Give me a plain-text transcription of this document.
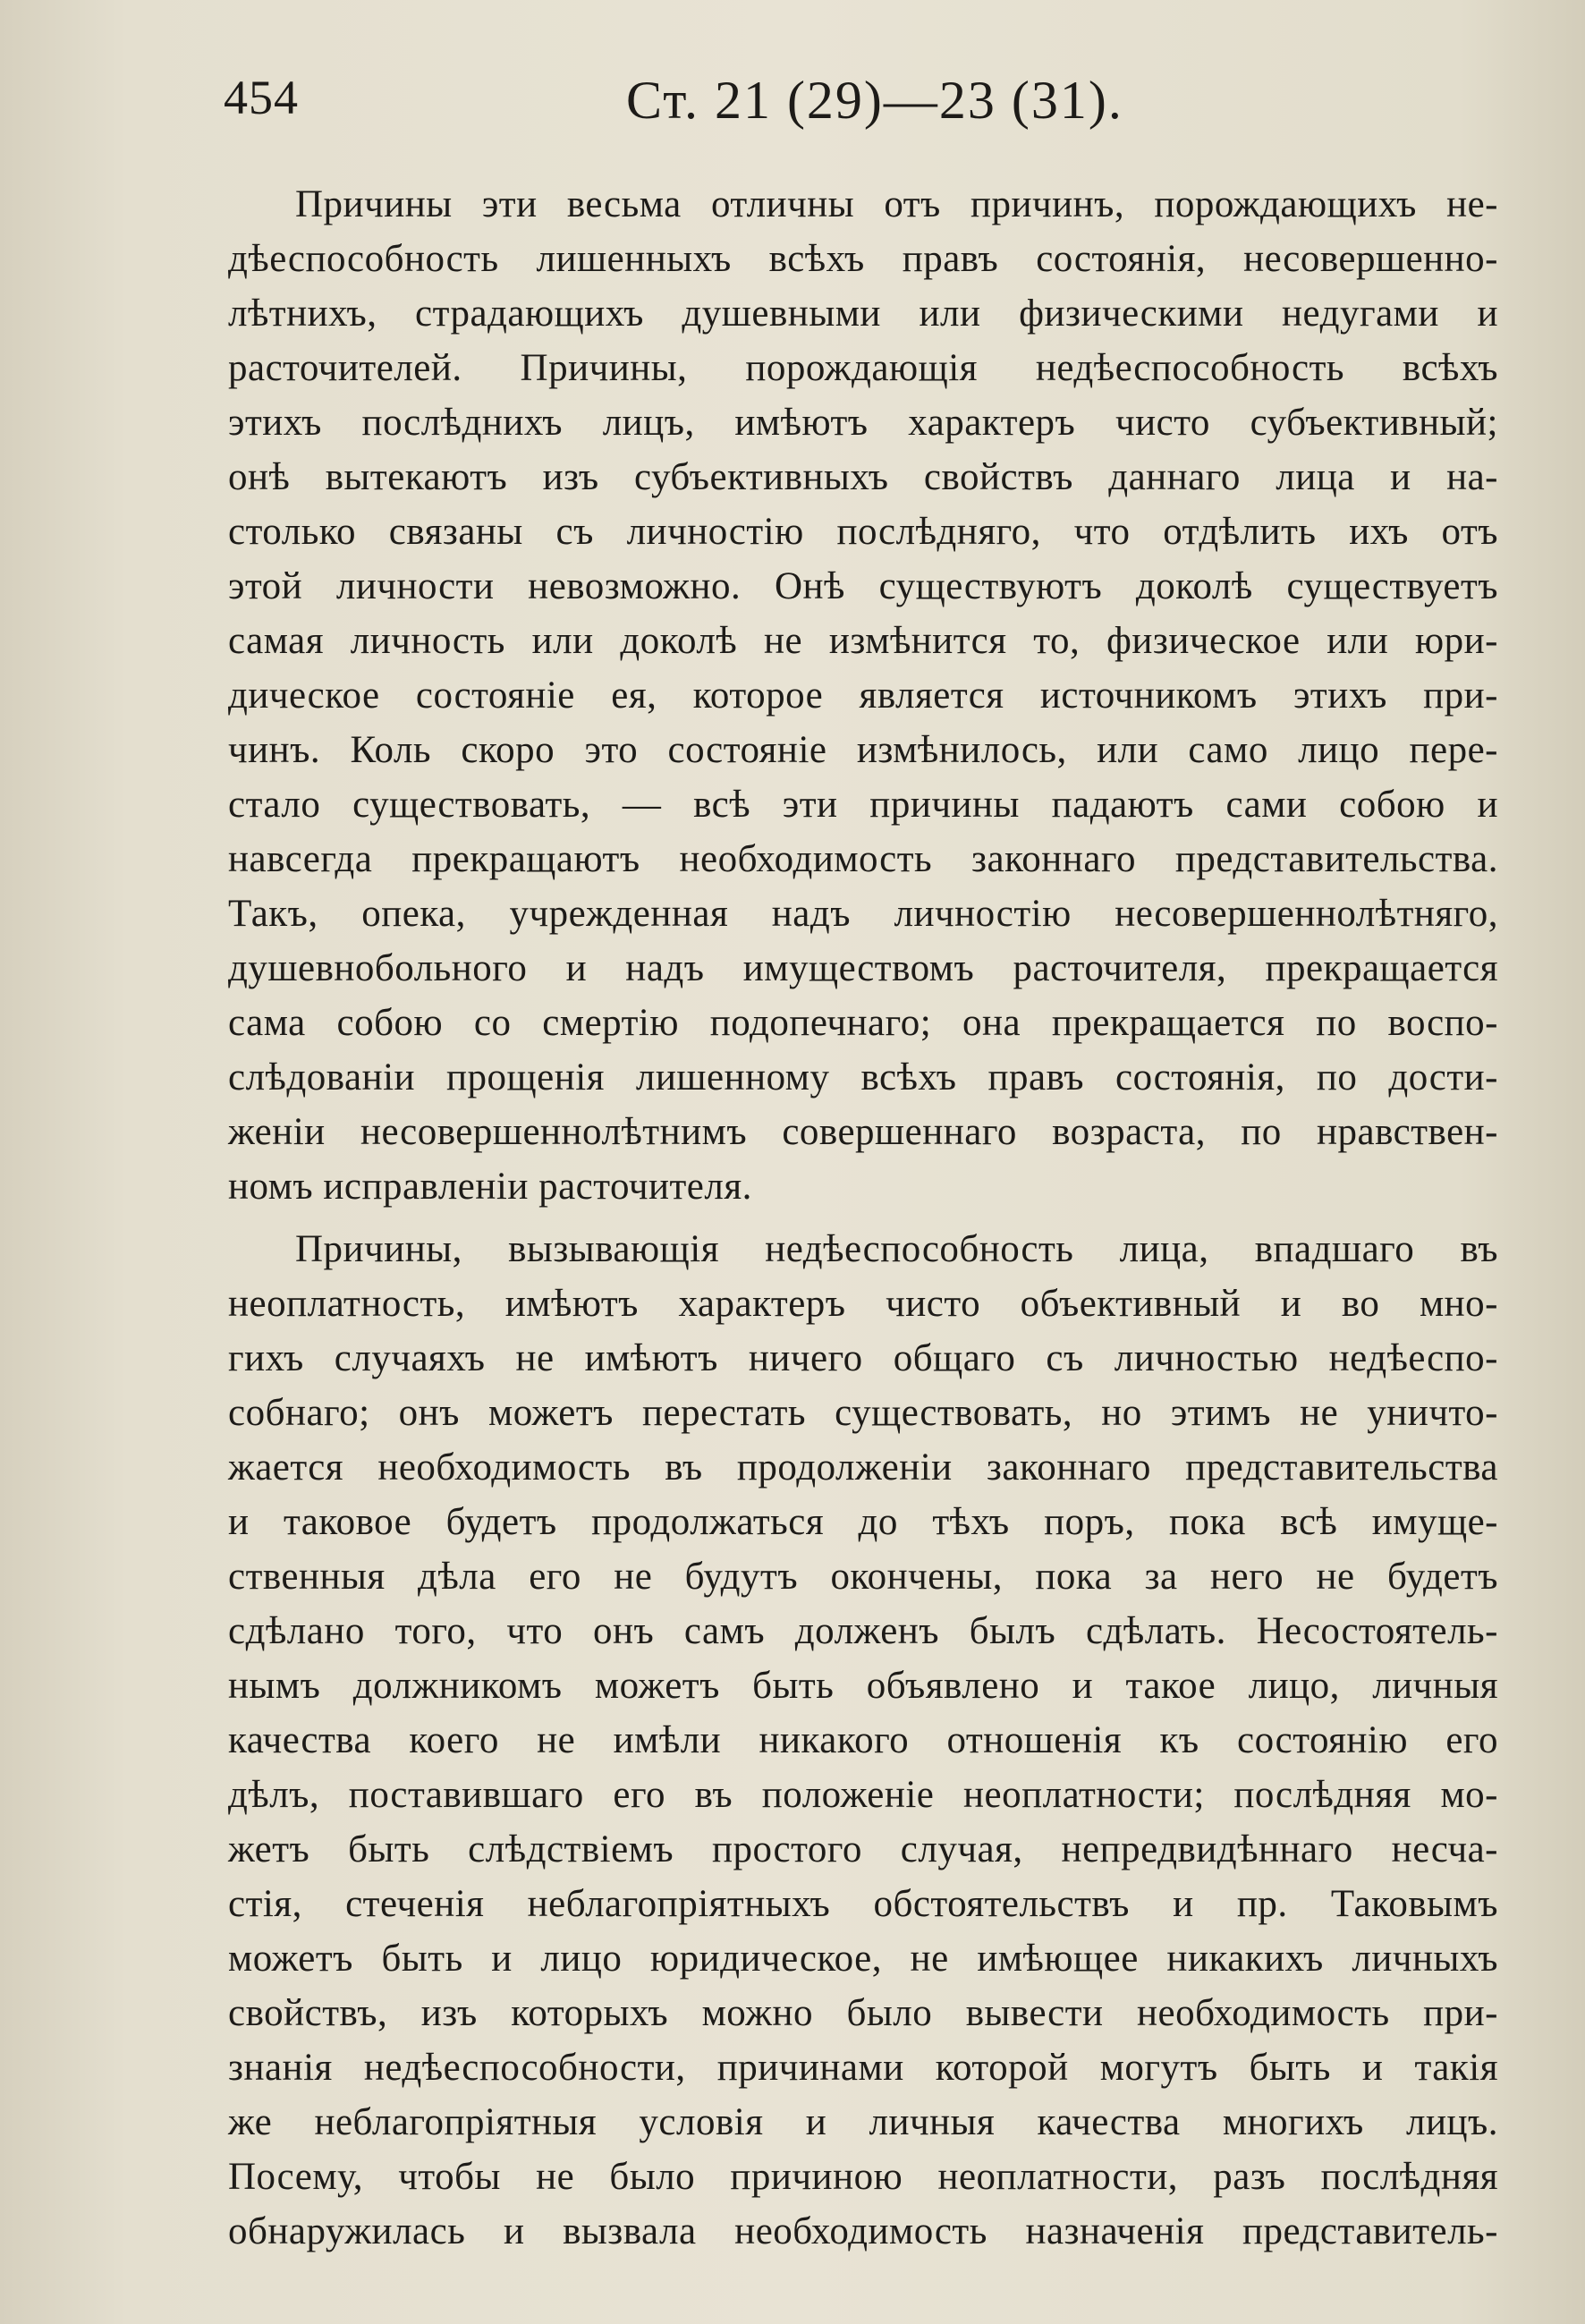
454	Ст. 21 (29)—23 (31).
Причины эти весьма отличны отъ причинъ, порождающихъ не-
дѣеспособность лишенныхъ всѣхъ правъ состоянія, несовершенно-
лѣтнихъ, страдающихъ душевными или физическими недугами и
расточителей. Причины, порождающія недѣеспособность всѣхъ
этихъ послѣднихъ лицъ, имѣютъ характеръ чисто субъективный;
онѣ вытекаютъ изъ субъективныхъ свойствъ даннаго лица и на-
столько связаны съ личностію послѣдняго, что отдѣлить ихъ отъ
этой личности невозможно. Онѣ существуютъ доколѣ существуетъ
самая личность или доколѣ не измѣнится то, физическое или юри-
дическое состояніе ея, которое является источникомъ этихъ при-
чинъ. Коль скоро это состояніе измѣнилось, или само лицо пере-
стало существовать, — всѣ эти причины падаютъ сами собою и
навсегда прекращаютъ необходимость законнаго представительства.
Такъ, опека, учрежденная надъ личностію несовершеннолѣтняго,
душевнобольного и надъ имуществомъ расточителя, прекращается
сама собою со смертію подопечнаго; она прекращается по воспо-
слѣдованіи прощенія лишенному всѣхъ правъ состоянія, по дости-
женіи несовершеннолѣтнимъ совершеннаго возраста, по нравствен-
номъ исправленіи расточителя.
Причины, вызывающія недѣеспособность лица, впадшаго въ
неоплатность, имѣютъ характеръ чисто объективный и во мно-
гихъ случаяхъ не имѣютъ ничего общаго съ личностью недѣеспо-
собнаго; онъ можетъ перестать существовать, но этимъ не уничто-
жается необходимость въ продолженіи законнаго представительства
и таковое будетъ продолжаться до тѣхъ поръ, пока всѣ имуще-
ственныя дѣла его не будутъ окончены, пока за него не будетъ
сдѣлано того, что онъ самъ долженъ былъ сдѣлать. Несостоятель-
нымъ должникомъ можетъ быть объявлено и такое лицо, личныя
качества коего не имѣли никакого отношенія къ состоянію его
дѣлъ, поставившаго его въ положеніе неоплатности; послѣдняя мо-
жетъ быть слѣдствіемъ простого случая, непредвидѣннаго несча-
стія, стеченія неблагопріятныхъ обстоятельствъ и пр. Таковымъ
можетъ быть и лицо юридическое, не имѣющее никакихъ личныхъ
свойствъ, изъ которыхъ можно было вывести необходимость при-
знанія недѣеспособности, причинами которой могутъ быть и такія
же неблагопріятныя условія и личныя качества многихъ лицъ.
Посему, чтобы не было причиною неоплатности, разъ послѣдняя
обнаружилась и вызвала необходимость назначенія представитель-
